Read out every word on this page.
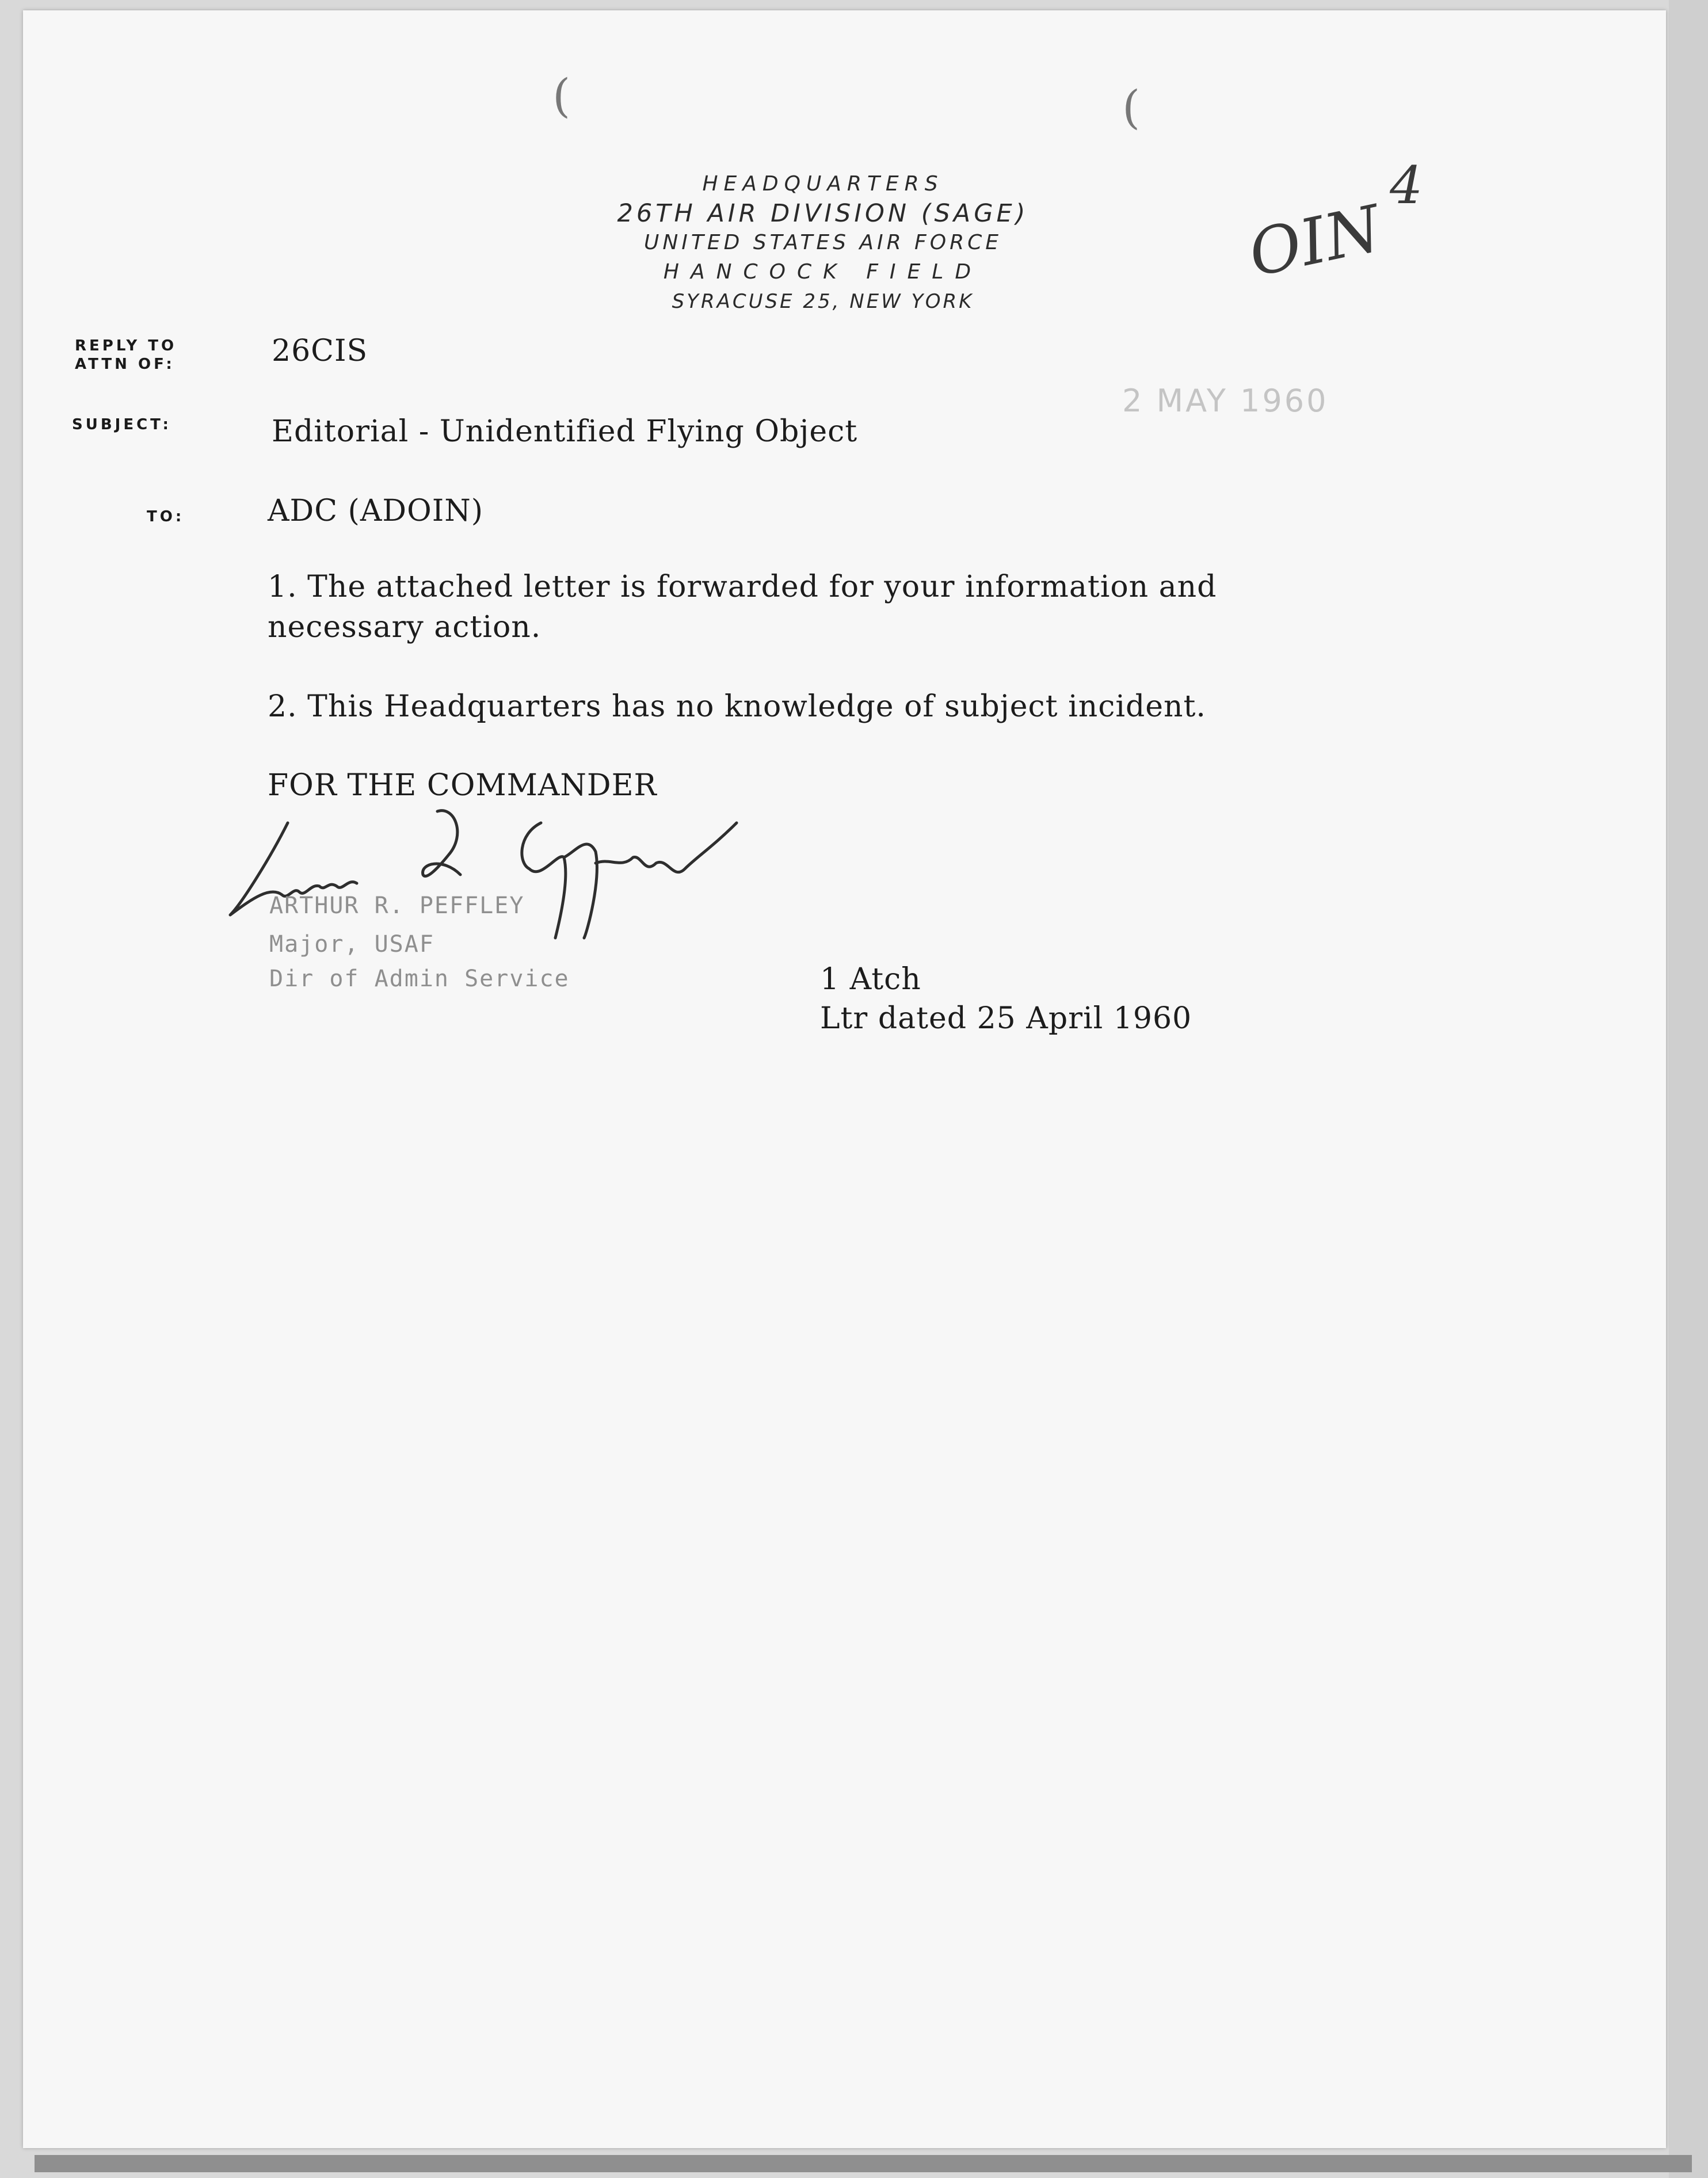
(	(
HEADQUARTERS
26TH AIR DIVISION (SAGE)
UNITED STATES AIR FORCE
HANCOCK FIELD
SYRACUSE 25, NEW YORK
OIN
4
2 MAY 1960
REPLY TO
ATTN OF:	26CIS
SUBJECT:	Editorial - Unidentified Flying Object
TO:	ADC (ADOIN)
1. The attached letter is forwarded for your information and
necessary action.
2. This Headquarters has no knowledge of subject incident.
FOR THE COMMANDER
ARTHUR R. PEFFLEY
Major, USAF
Dir of Admin Service	1 Atch
Ltr dated 25 April 1960
